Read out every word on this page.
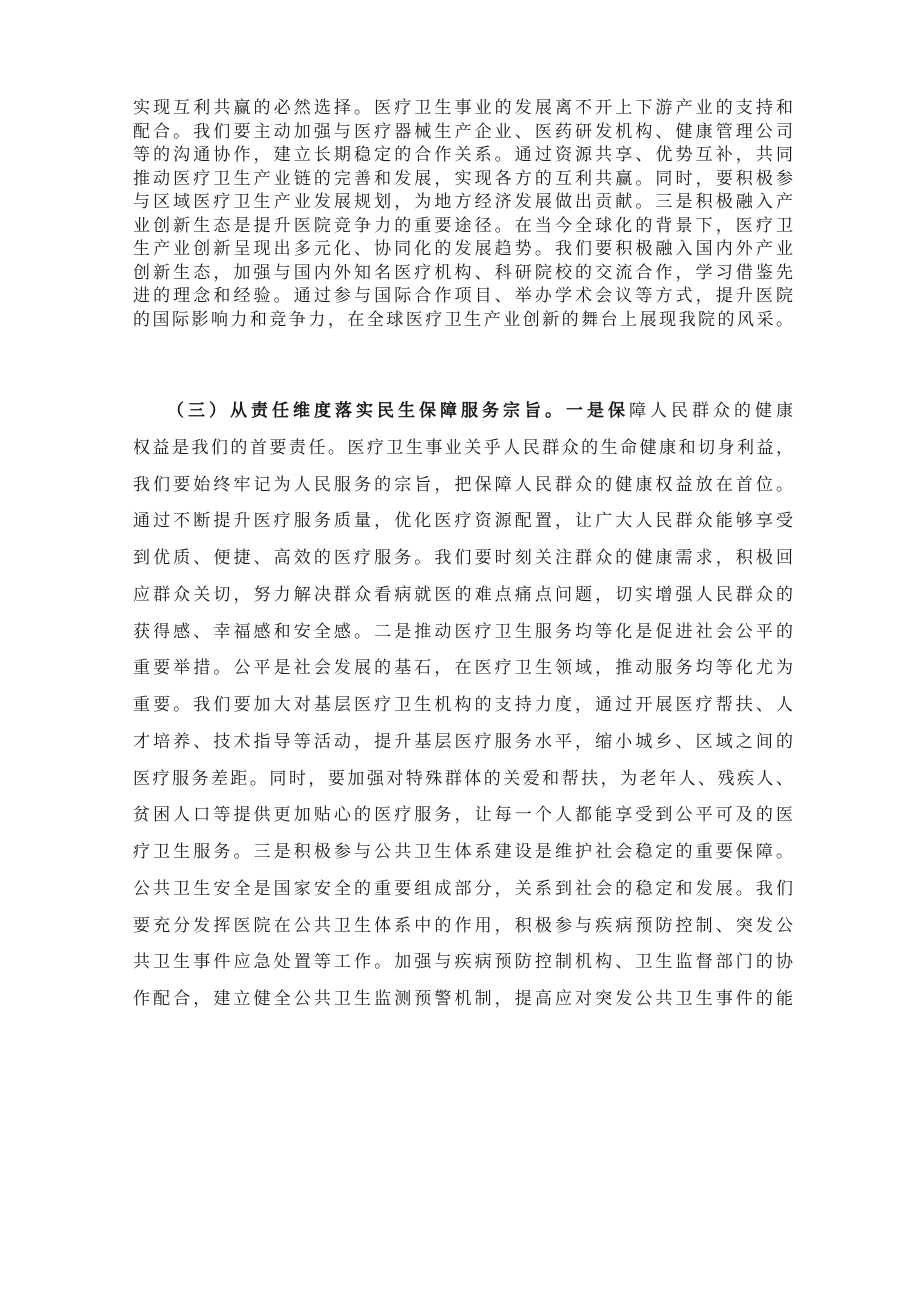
实现互利共赢的必然选择。医疗卫生事业的发展离不开上下游产业的支持和
配合。我们要主动加强与医疗器械生产企业、医药研发机构、健康管理公司
等的沟通协作，建立长期稳定的合作关系。通过资源共享、优势互补，共同
推动医疗卫生产业链的完善和发展，实现各方的互利共赢。同时，要积极参
与区域医疗卫生产业发展规划，为地方经济发展做出贡献。三是积极融入产
业创新生态是提升医院竞争力的重要途径。在当今全球化的背景下，医疗卫
生产业创新呈现出多元化、协同化的发展趋势。我们要积极融入国内外产业
创新生态，加强与国内外知名医疗机构、科研院校的交流合作，学习借鉴先
进的理念和经验。通过参与国际合作项目、举办学术会议等方式，提升医院
的国际影响力和竞争力，在全球医疗卫生产业创新的舞台上展现我院的风采。
（三）从责任维度落实民生保障服务宗旨。一是保障人民群众的健康
权益是我们的首要责任。医疗卫生事业关乎人民群众的生命健康和切身利益，
我们要始终牢记为人民服务的宗旨，把保障人民群众的健康权益放在首位。
通过不断提升医疗服务质量，优化医疗资源配置，让广大人民群众能够享受
到优质、便捷、高效的医疗服务。我们要时刻关注群众的健康需求，积极回
应群众关切，努力解决群众看病就医的难点痛点问题，切实增强人民群众的
获得感、幸福感和安全感。二是推动医疗卫生服务均等化是促进社会公平的
重要举措。公平是社会发展的基石，在医疗卫生领域，推动服务均等化尤为
重要。我们要加大对基层医疗卫生机构的支持力度，通过开展医疗帮扶、人
才培养、技术指导等活动，提升基层医疗服务水平，缩小城乡、区域之间的
医疗服务差距。同时，要加强对特殊群体的关爱和帮扶，为老年人、残疾人、
贫困人口等提供更加贴心的医疗服务，让每一个人都能享受到公平可及的医
疗卫生服务。三是积极参与公共卫生体系建设是维护社会稳定的重要保障。
公共卫生安全是国家安全的重要组成部分，关系到社会的稳定和发展。我们
要充分发挥医院在公共卫生体系中的作用，积极参与疾病预防控制、突发公
共卫生事件应急处置等工作。加强与疾病预防控制机构、卫生监督部门的协
作配合，建立健全公共卫生监测预警机制，提高应对突发公共卫生事件的能
